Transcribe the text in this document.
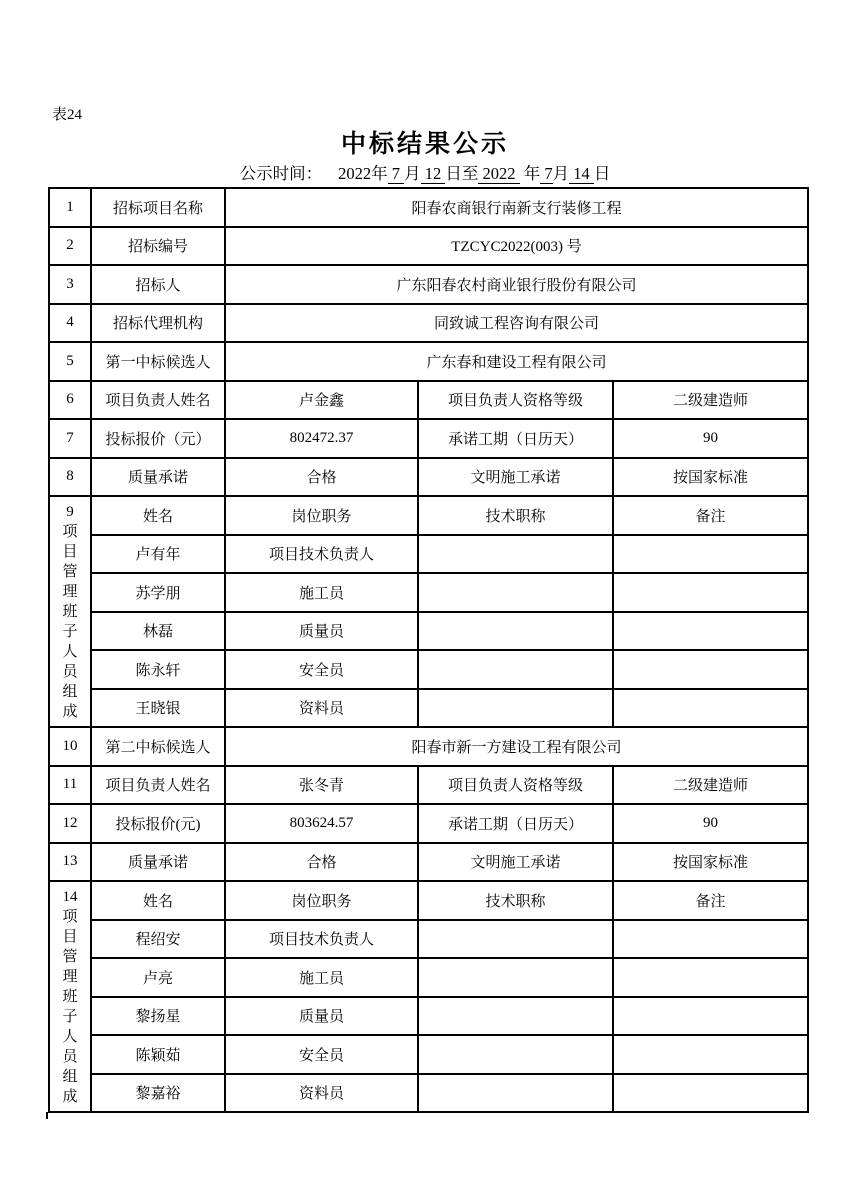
表24
中标结果公示
公示时间： 2022年 7 月 12 日至 2022  年 7月 14 日
1	招标项目名称	阳春农商银行南新支行装修工程		
2	招标编号	TZCYC2022(003) 号		
3	招标人	广东阳春农村商业银行股份有限公司		
4	招标代理机构	同致诚工程咨询有限公司		
5	第一中标候选人	广东春和建设工程有限公司		
6	项目负责人姓名	卢金鑫	项目负责人资格等级	二级建造师
7	投标报价（元）	802472.37	承诺工期（日历天）	90
8	质量承诺	合格	文明施工承诺	按国家标准

9
项
目
管
理
班
子
人
员
组
成
	姓名	岗位职务	技术职称	备注
	卢有年	项目技术负责人		
	苏学朋	施工员		
	林磊	质量员		
	陈永轩	安全员		
	王晓银	资料员		
10	第二中标候选人	阳春市新一方建设工程有限公司		
11	项目负责人姓名	张冬青	项目负责人资格等级	二级建造师
12	投标报价(元)	803624.57	承诺工期（日历天）	90
13	质量承诺	合格	文明施工承诺	按国家标准

14
项
目
管
理
班
子
人
员
组
成
	姓名	岗位职务	技术职称	备注
	程绍安	项目技术负责人		
	卢亮	施工员		
	黎扬星	质量员		
	陈颖茹	安全员		
	黎嘉裕	资料员		
